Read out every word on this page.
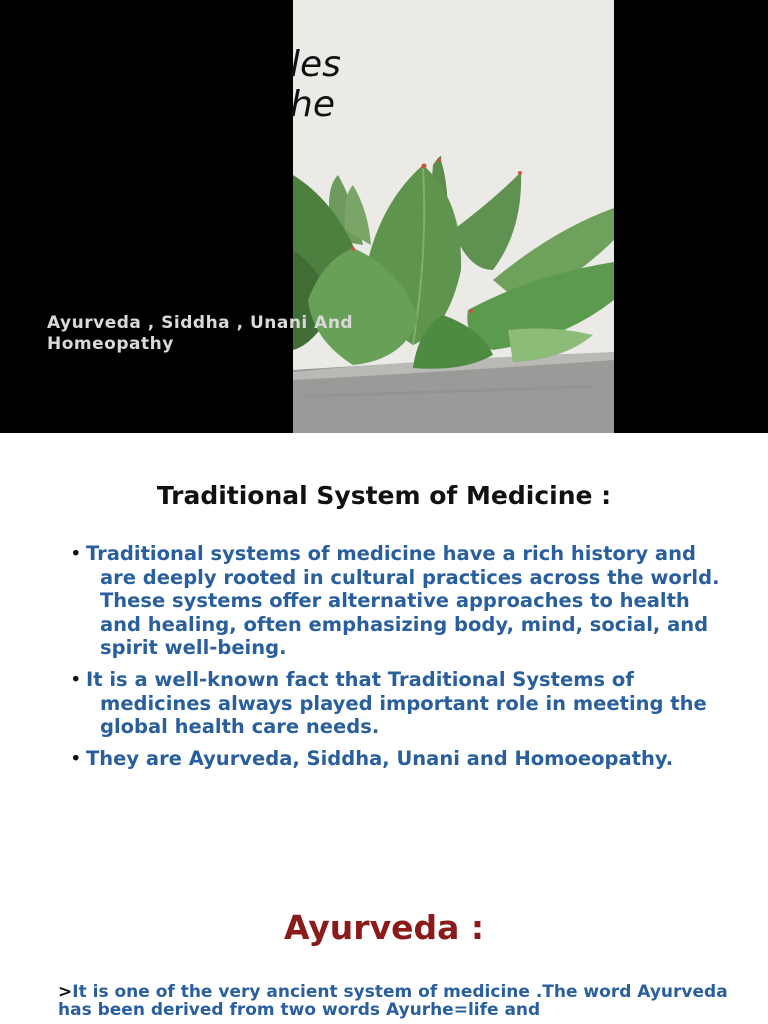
les
he
Ayurveda , Siddha , Unani And Homeopathy
Traditional System of Medicine :
• Traditional systems of medicine have a rich history and are deeply rooted in cultural practices across the world. These systems offer alternative approaches to health and healing, often emphasizing body, mind, social, and spirit well-being.
• It is a well-known fact that Traditional Systems of medicines always played important role in meeting the global health care needs.
• They are Ayurveda, Siddha, Unani and Homoeopathy.
Ayurveda :
>It is one of the very ancient system of medicine .The word Ayurveda has been derived from two words Ayurhe=life and
